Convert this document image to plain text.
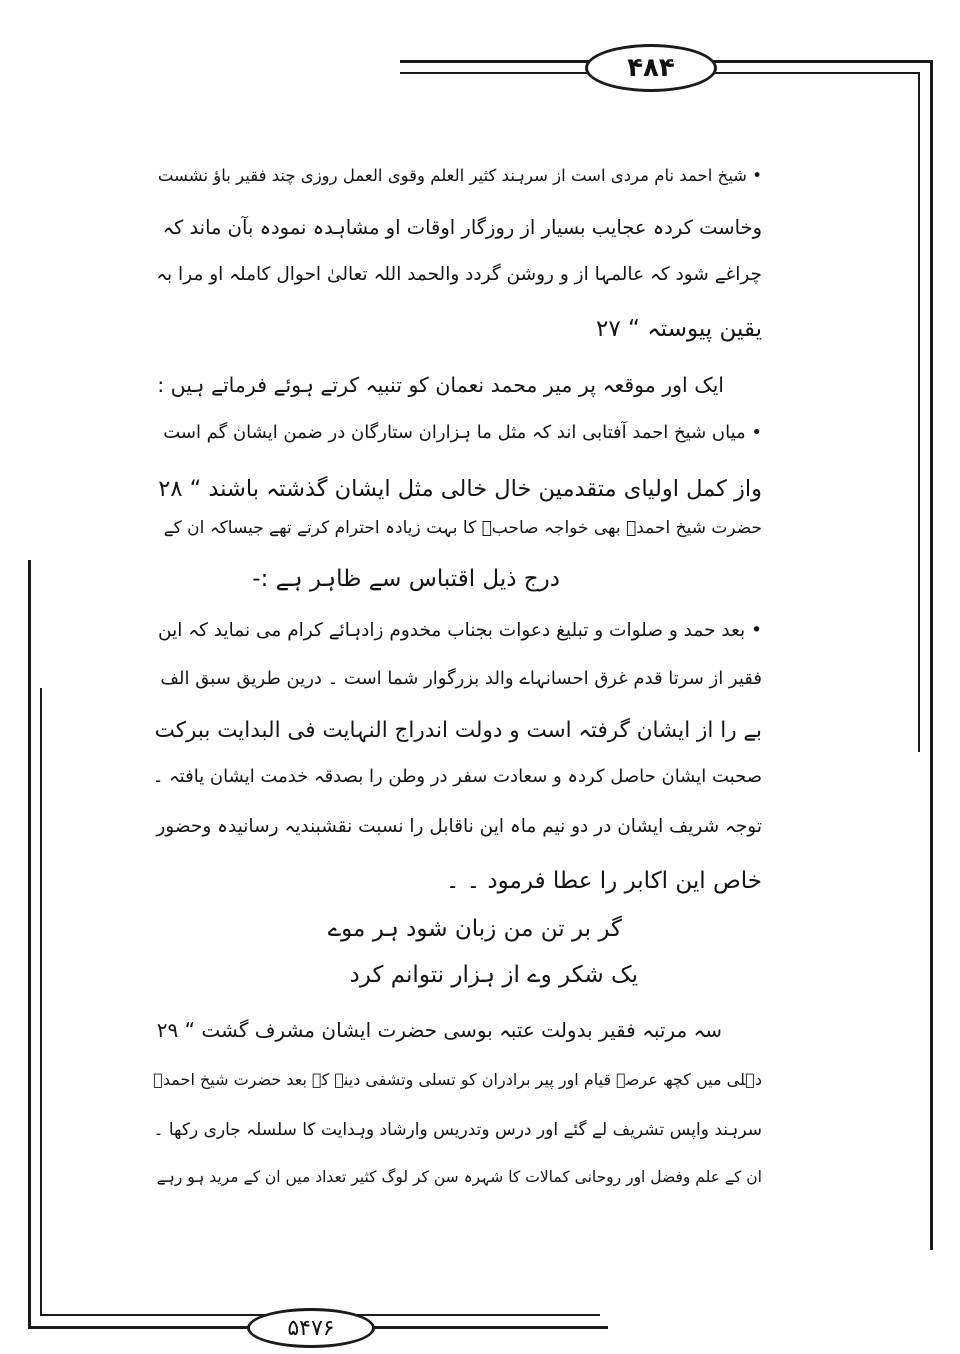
۴۸۴
۵۴۷۶
• شیخ احمد نام مردی است از سرہند کثیر العلم وقوی العمل روزی چند فقیر باؤ نشست
وخاست کردہ عجایب بسیار از روزگار اوقات او مشاہدہ نمودہ بآن ماند کہ
چراغے شود کہ عالمہا از و روشن گردد والحمد اللہ تعالیٰ احوال کاملہ او مرا بہ
یقین پیوستہ “ ۲۷
ایک اور موقعہ پر میر محمد نعمان کو تنبیہ کرتے ہوئے فرماتے ہیں :
• میاں شیخ احمد آفتابی اند کہ مثل ما ہزاران ستارگان در ضمن ایشان گم است
واز کمل اولیای متقدمین خال خالی مثل ایشان گذشتہ باشند “ ۲۸
حضرت شیخ احمدؒ بھی خواجہ صاحبؒ کا بہت زیادہ احترام کرتے تھے جیساکہ ان کے
درج ذیل اقتباس سے ظاہر ہے :-
• بعد حمد و صلوات و تبلیغ دعوات بجناب مخدوم زادہائے کرام می نماید کہ این
فقیر از سرتا قدم غرق احسانہاے والد بزرگوار شما است ۔ درین طریق سبق الف
بے را از ایشان گرفتہ است و دولت اندراج النہایت فی البدایت ببرکت
صحبت ایشان حاصل کردہ و سعادت سفر در وطن را بصدقہ خدمت ایشان یافتہ ۔
توجہ شریف ایشان در دو نیم ماہ این ناقابل را نسبت نقشبندیہ رسانیدہ وحضور
خاص این اکابر را عطا فرمود ۔ ۔
گر بر تن من زبان شود ہر موے
یک شکر وے از ہزار نتوانم کرد
سہ مرتبہ فقیر بدولت عتبہ بوسی حضرت ایشان مشرف گشت “ ۲۹
دہلی میں کچھ عرصہ قیام اور پیر برادران کو تسلی وتشفی دینے کے بعد حضرت شیخ احمدؒ
سرہند واپس تشریف لے گئے اور درس وتدریس وارشاد وہدایت کا سلسلہ جاری رکھا ۔
ان کے علم وفضل اور روحانی کمالات کا شہرہ سن کر لوگ کثیر تعداد میں ان کے مرید ہو رہے
